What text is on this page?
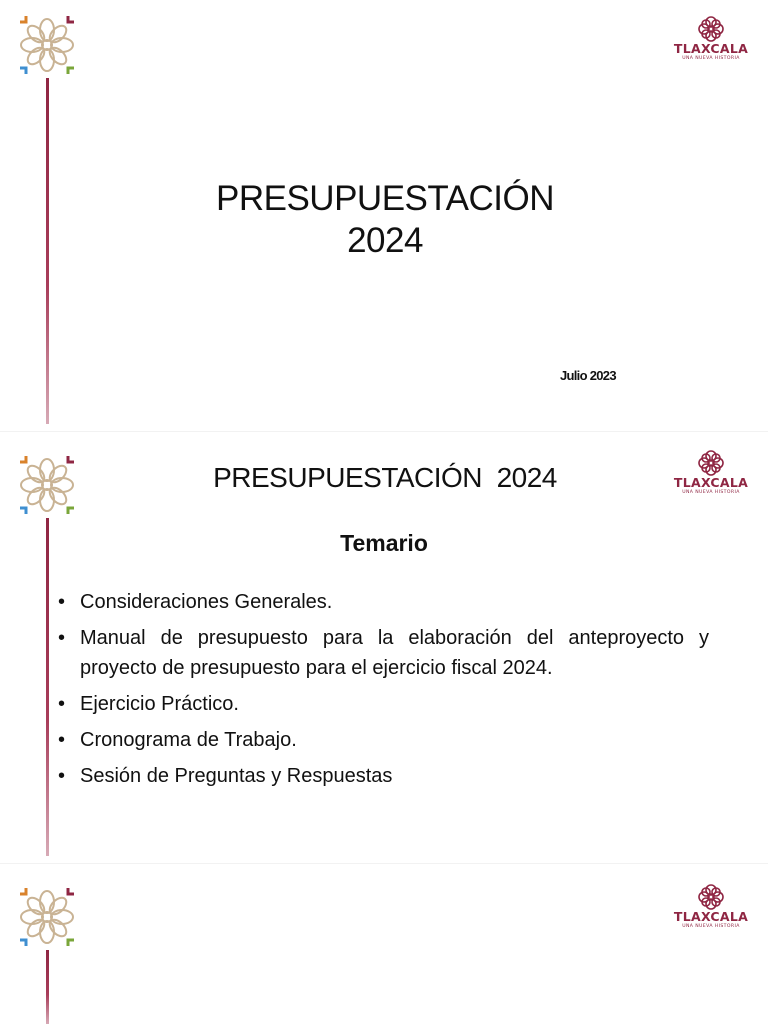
TLAXCALA
UNA NUEVA HISTORIA
PRESUPUESTACIÓN
2024
Julio 2023
TLAXCALA
UNA NUEVA HISTORIA
PRESUPUESTACIÓN  2024
Temario
• Consideraciones Generales.
• Manual de presupuesto para la elaboración del anteproyecto y proyecto de presupuesto para el ejercicio fiscal 2024.
• Ejercicio Práctico.
• Cronograma de Trabajo.
• Sesión de Preguntas y Respuestas
TLAXCALA
UNA NUEVA HISTORIA
